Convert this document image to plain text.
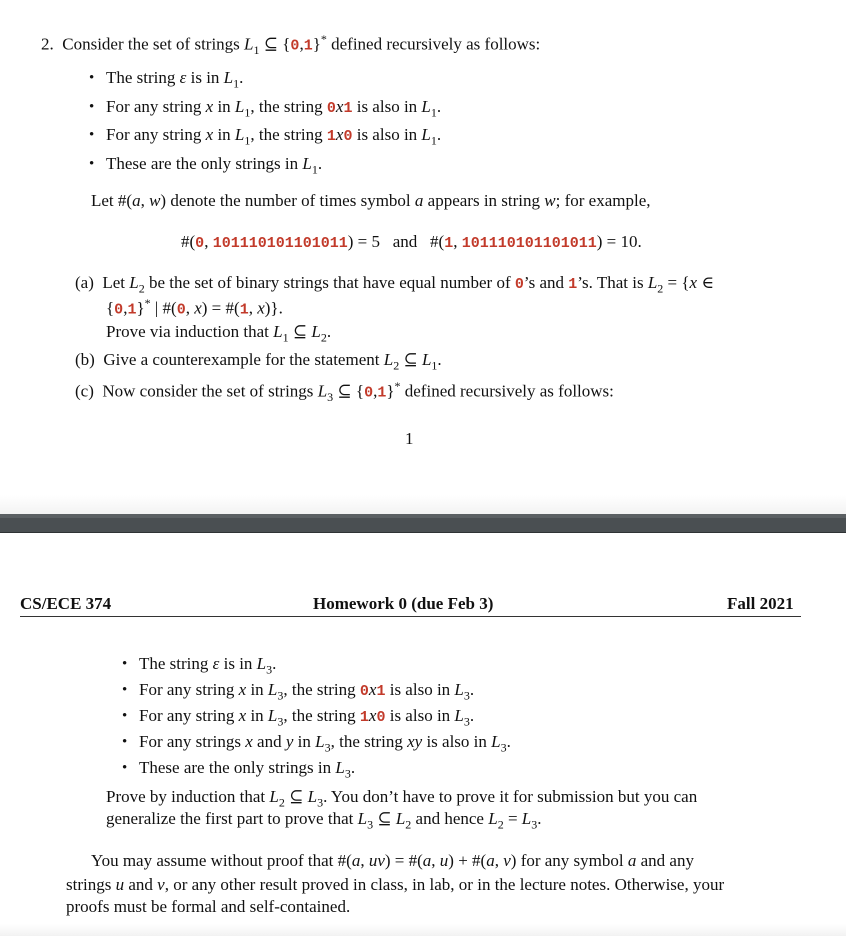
2. Consider the set of strings $L_1$ ⊆ {0,1}* defined recursively as follows:
• The string ε is in $L_1$.
• For any string x in $L_1$, the string 0x1 is also in $L_1$.
• For any string x in $L_1$, the string 1x0 is also in $L_1$.
• These are the only strings in $L_1$.
Let #(a, w) denote the number of times symbol a appears in string w; for example,
#(0, 101110101101011) = 5 and   #(1, 101110101101011) = 10.
(a) Let $L_2$ be the set of binary strings that have equal number of 0’s and 1’s. That is $L_2 = \{x$ ∈
{0,1}* | #(0, x) = #(1, x)}.
Prove via induction that $L_1$ ⊆ $L_2$.
(b) Give a counterexample for the statement $L_2$ ⊆ $L_1$.
(c) Now consider the set of strings $L_3$ ⊆ {0,1}* defined recursively as follows:
1
CS/ECE 374	Homework 0 (due Feb 3)	Fall 2021
• The string ε is in $L_3$.
• For any string x in $L_3$, the string 0x1 is also in $L_3$.
• For any string x in $L_3$, the string 1x0 is also in $L_3$.
• For any strings x and y in $L_3$, the string xy is also in $L_3$.
• These are the only strings in $L_3$.
Prove by induction that $L_2$ ⊆ $L_3$. You don’t have to prove it for submission but you can
generalize the first part to prove that $L_3$ ⊆ $L_2$ and hence $L_2 = L_3$.
You may assume without proof that #(a, uv) = #(a, u) + #(a, v) for any symbol a and any
strings u and v, or any other result proved in class, in lab, or in the lecture notes. Otherwise, your
proofs must be formal and self-contained.
